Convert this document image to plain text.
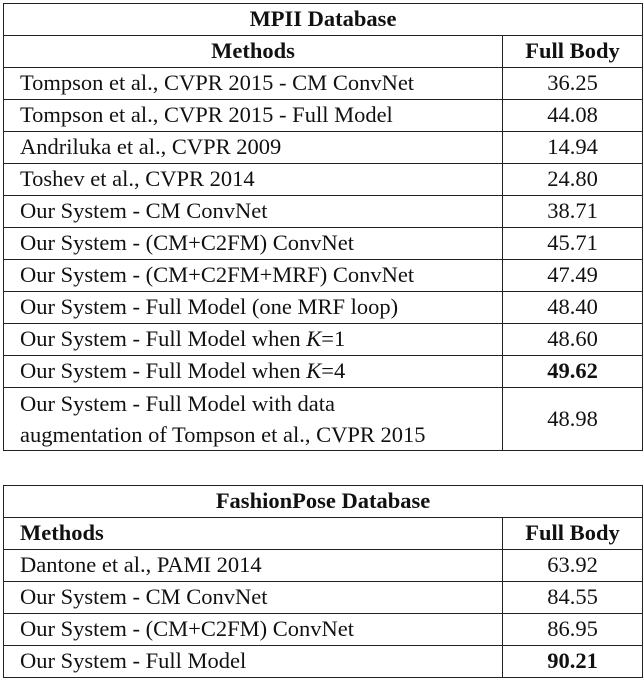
MPII Database	
Methods	Full Body
Tompson et al., CVPR 2015 - CM ConvNet	36.25
Tompson et al., CVPR 2015 - Full Model	44.08
Andriluka et al., CVPR 2009	14.94
Toshev et al., CVPR 2014	24.80
Our System - CM ConvNet	38.71
Our System - (CM+C2FM) ConvNet	45.71
Our System - (CM+C2FM+MRF) ConvNet	47.49
Our System - Full Model (one MRF loop)	48.40
Our System - Full Model when K=1	48.60
Our System - Full Model when K=4	49.62
Our System - Full Model with data
augmentation of Tompson et al., CVPR 2015	48.98
FashionPose Database	
Methods	Full Body
Dantone et al., PAMI 2014	63.92
Our System - CM ConvNet	84.55
Our System - (CM+C2FM) ConvNet	86.95
Our System - Full Model	90.21
